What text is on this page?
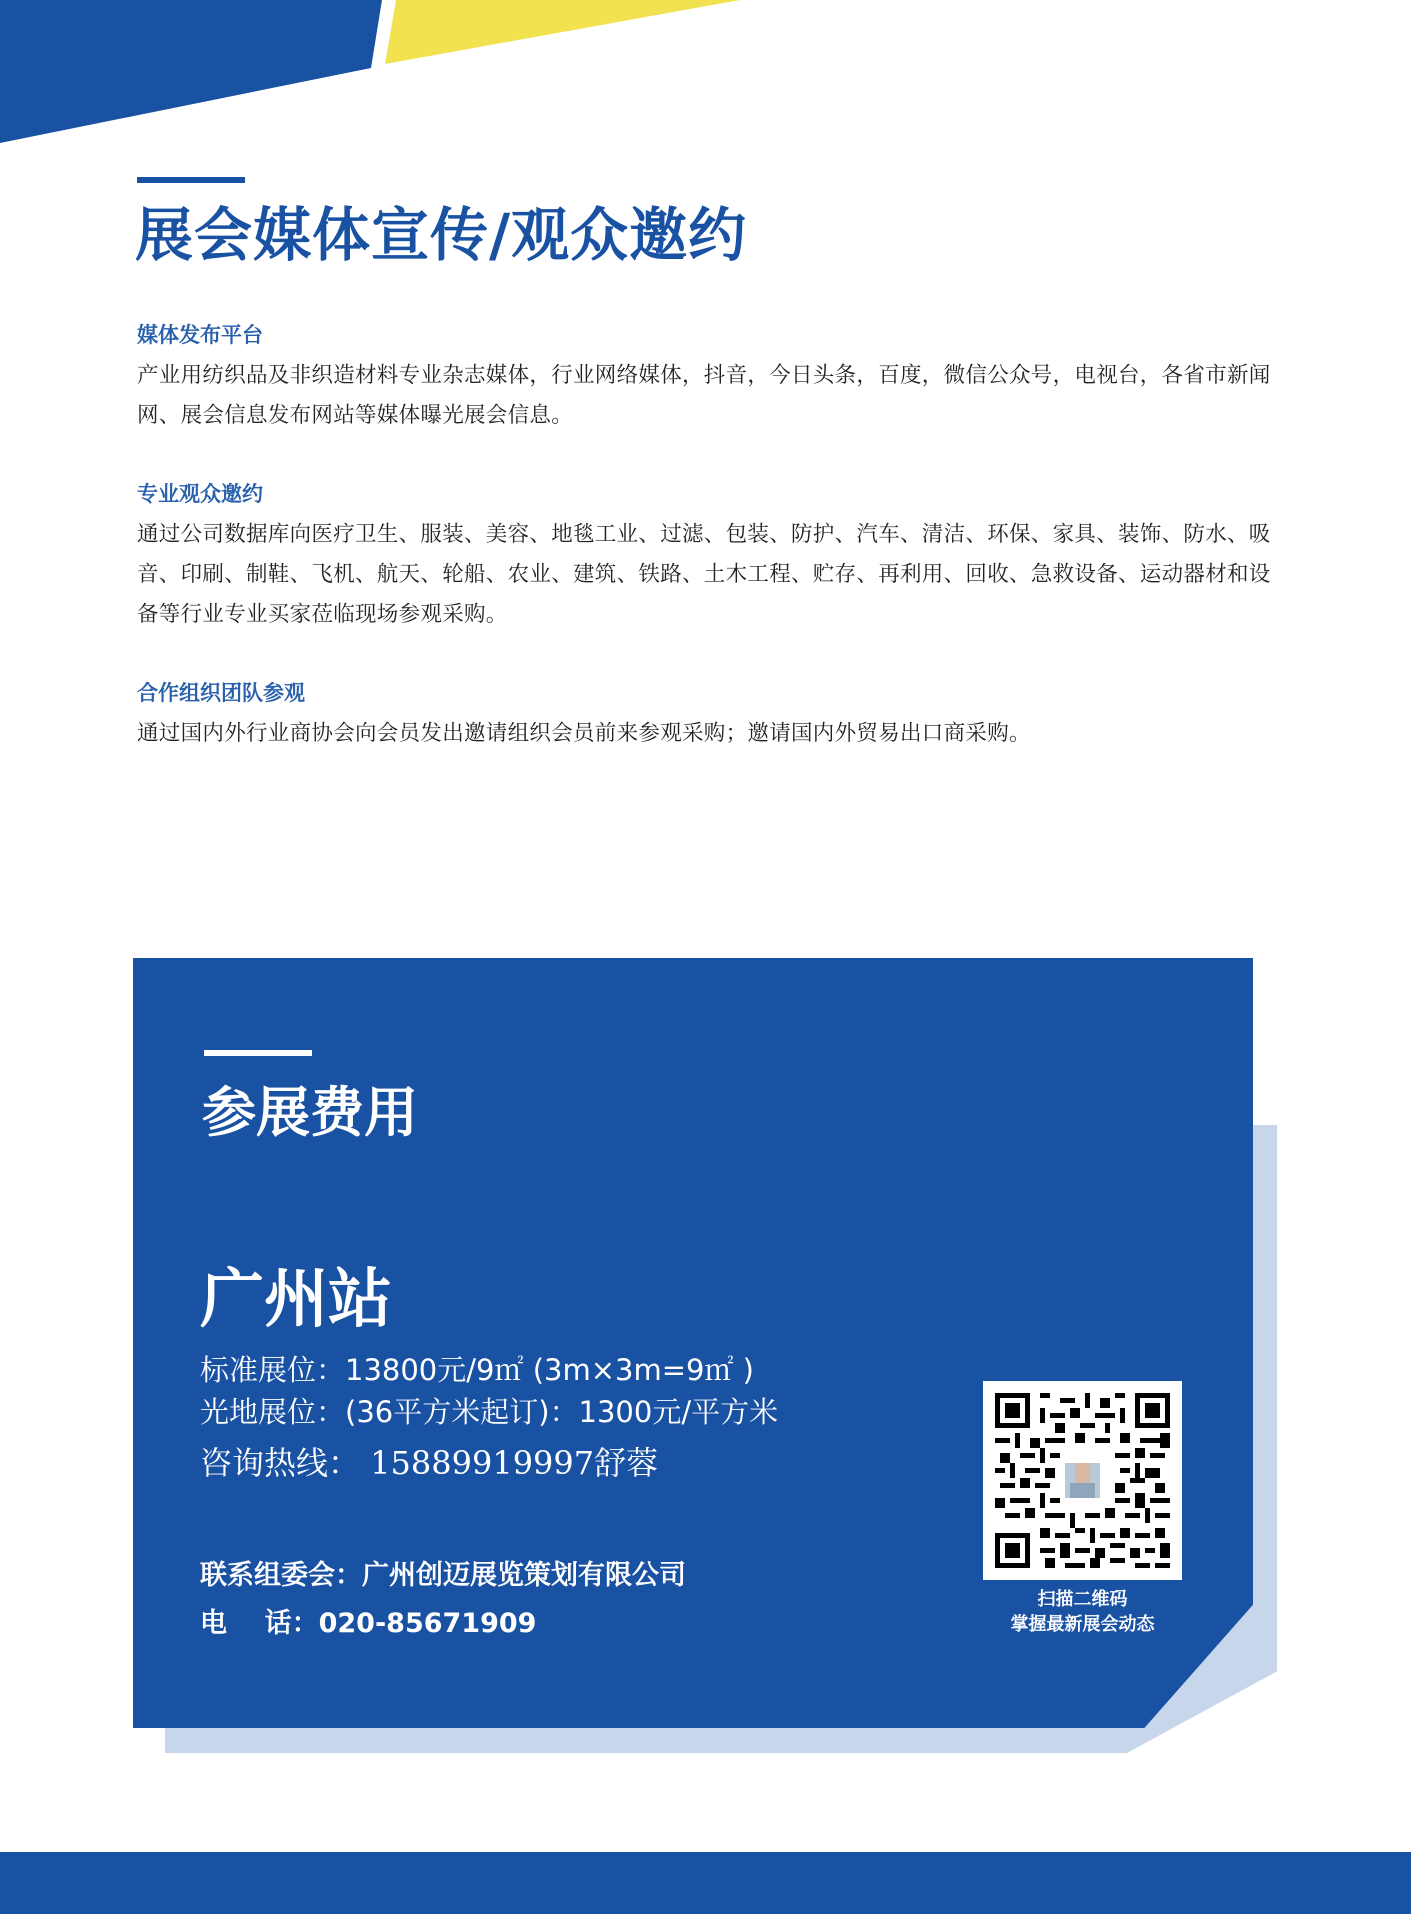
展会媒体宣传/观众邀约
媒体发布平台

产业用纺织品及非织造材料专业杂志媒体，行业网络媒体，抖音，今日头条，百度，微信公众号，电视台，各省市新闻网、展会信息发布网站等媒体曝光展会信息。

专业观众邀约

通过公司数据库向医疗卫生、服装、美容、地毯工业、过滤、包装、防护、汽车、清洁、环保、家具、装饰、防水、吸音、印刷、制鞋、飞机、航天、轮船、农业、建筑、铁路、土木工程、贮存、再利用、回收、急救设备、运动器材和设备等行业专业买家莅临现场参观采购。

合作组织团队参观

通过国内外行业商协会向会员发出邀请组织会员前来参观采购；邀请国内外贸易出口商采购。

参展费用
广州站
标准展位：13800元/9㎡ (3m×3m=9㎡ )
光地展位：(36平方米起订)：1300元/平方米
咨询热线： 15889919997舒蓉
联系组委会：广州创迈展览策划有限公司
电    话：020-85671909
扫描二维码
掌握最新展会动态
